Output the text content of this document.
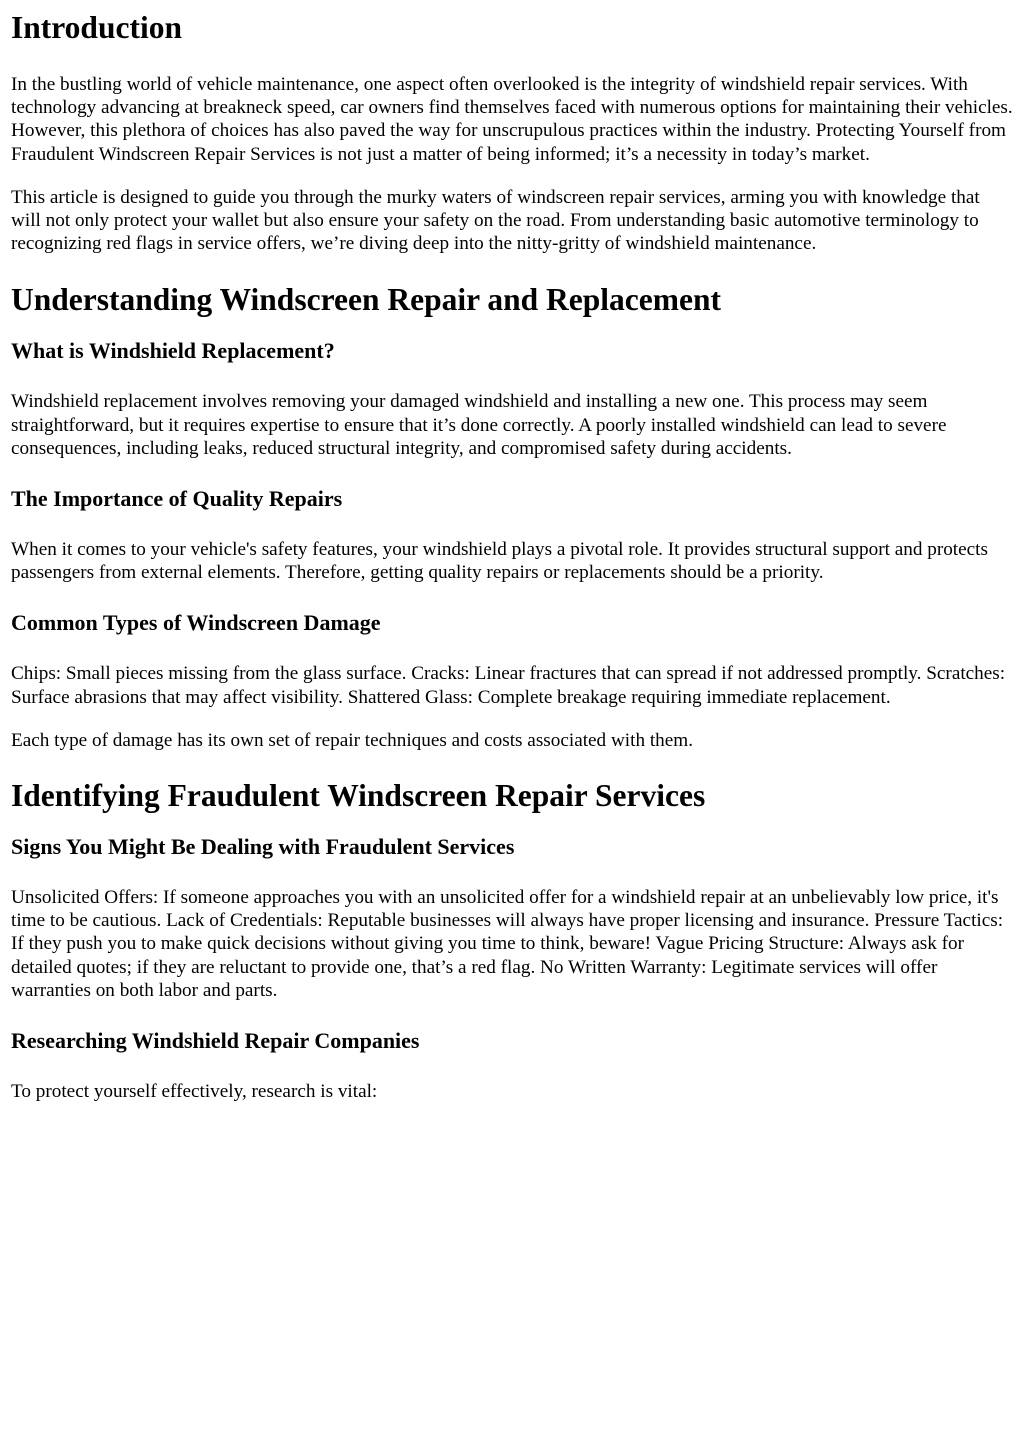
Introduction

In the bustling world of vehicle maintenance, one aspect often overlooked is the integrity of windshield repair services. With technology advancing at breakneck speed, car owners find themselves faced with numerous options for maintaining their vehicles. However, this plethora of choices has also paved the way for unscrupulous practices within the industry. Protecting Yourself from Fraudulent Windscreen Repair Services is not just a matter of being informed; it’s a necessity in today’s market.

This article is designed to guide you through the murky waters of windscreen repair services, arming you with knowledge that will not only protect your wallet but also ensure your safety on the road. From understanding basic automotive terminology to recognizing red flags in service offers, we’re diving deep into the nitty-gritty of windshield maintenance.

Understanding Windscreen Repair and Replacement
What is Windshield Replacement?

Windshield replacement involves removing your damaged windshield and installing a new one. This process may seem straightforward, but it requires expertise to ensure that it’s done correctly. A poorly installed windshield can lead to severe consequences, including leaks, reduced structural integrity, and compromised safety during accidents.

The Importance of Quality Repairs

When it comes to your vehicle's safety features, your windshield plays a pivotal role. It provides structural support and protects passengers from external elements. Therefore, getting quality repairs or replacements should be a priority.

Common Types of Windscreen Damage

Chips: Small pieces missing from the glass surface. Cracks: Linear fractures that can spread if not addressed promptly. Scratches: Surface abrasions that may affect visibility. Shattered Glass: Complete breakage requiring immediate replacement.

Each type of damage has its own set of repair techniques and costs associated with them.

Identifying Fraudulent Windscreen Repair Services
Signs You Might Be Dealing with Fraudulent Services

Unsolicited Offers: If someone approaches you with an unsolicited offer for a windshield repair at an unbelievably low price, it's time to be cautious. Lack of Credentials: Reputable businesses will always have proper licensing and insurance. Pressure Tactics: If they push you to make quick decisions without giving you time to think, beware! Vague Pricing Structure: Always ask for detailed quotes; if they are reluctant to provide one, that’s a red flag. No Written Warranty: Legitimate services will offer warranties on both labor and parts.

Researching Windshield Repair Companies

To protect yourself effectively, research is vital:
